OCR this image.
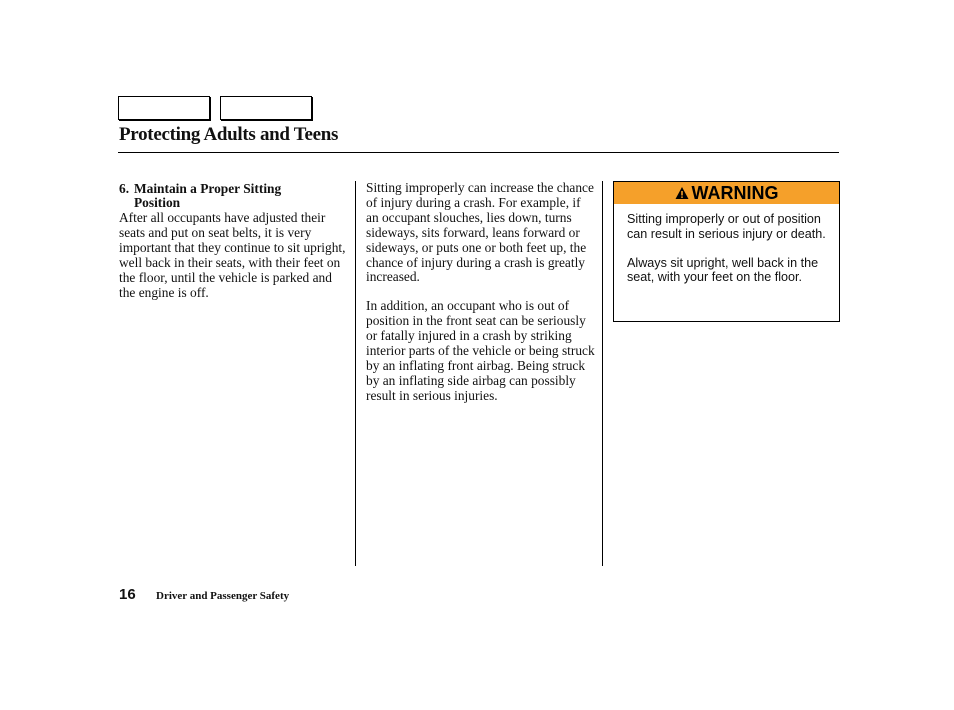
Protecting Adults and Teens
6. Maintain a Proper Sitting
Position
After all occupants have adjusted their seats and put on seat belts, it is very important that they continue to sit upright, well back in their seats, with their feet on the floor, until the vehicle is parked and the engine is off.

Sitting improperly can increase the chance of injury during a crash. For example, if an occupant slouches, lies down, turns sideways, sits forward, leans forward or sideways, or puts one or both feet up, the chance of injury during a crash is greatly increased.

In addition, an occupant who is out of position in the front seat can be seriously or fatally injured in a crash by striking interior parts of the vehicle or being struck by an inflating front airbag. Being struck by an inflating side airbag can possibly result in serious injuries.

WARNING

Sitting improperly or out of position can result in serious injury or death.

Always sit upright, well back in the seat, with your feet on the floor.

16 Driver and Passenger Safety
